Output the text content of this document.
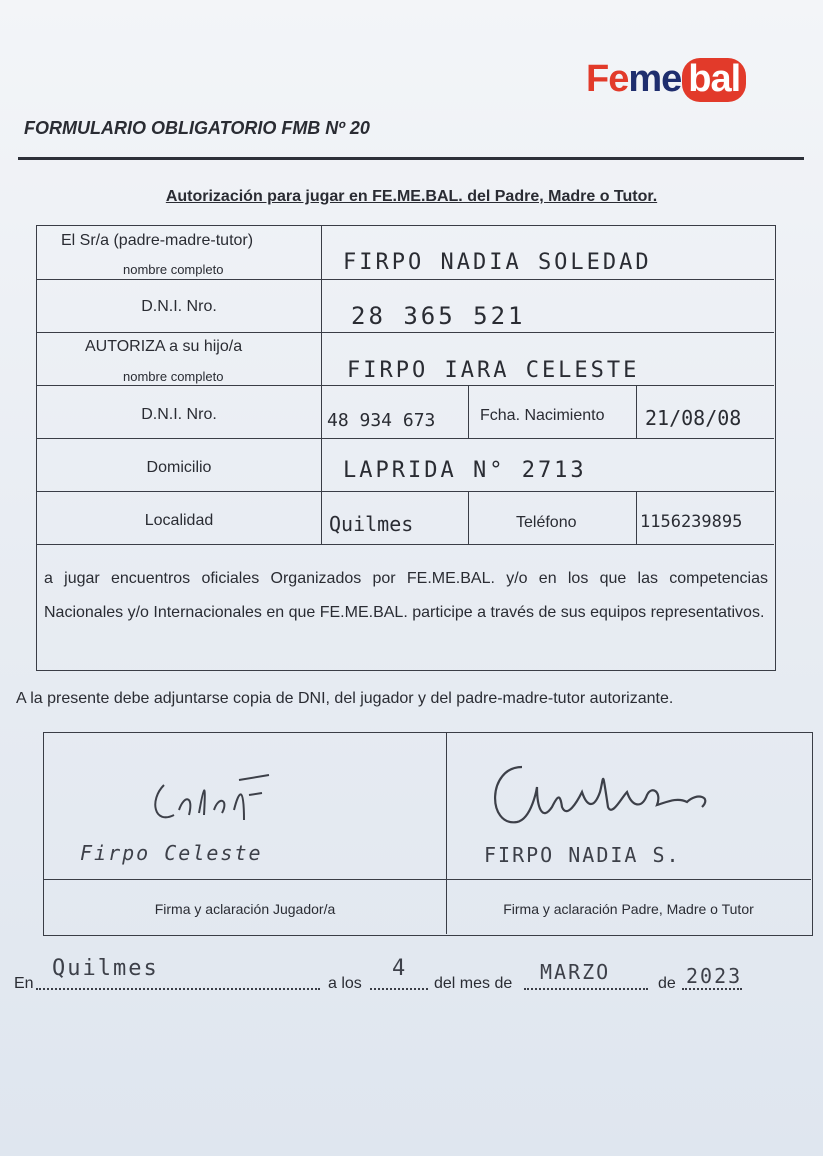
Feme bal
FORMULARIO OBLIGATORIO FMB Nº 20
Autorización para jugar en FE.ME.BAL. del Padre, Madre o Tutor.
El Sr/a (padre-madre-tutor)
nombre completo	FIRPO NADIA SOLEDAD
D.N.I. Nro.	28 365 521
AUTORIZA a su hijo/a
nombre completo	FIRPO IARA CELESTE
D.N.I. Nro.	48 934 673	Fcha. Nacimiento 21/08/08
Domicilio	LAPRIDA N° 2713
Localidad	Quilmes	Teléfono	1156239895
a jugar encuentros oficiales Organizados por FE.ME.BAL. y/o en los que las competencias Nacionales y/o Internacionales en que FE.ME.BAL. participe a través de sus equipos representativos.
A la presente debe adjuntarse copia de DNI, del jugador y del padre-madre-tutor autorizante.
Firpo Celeste
Firma y aclaración Jugador/a
FIRPO NADIA S.
Firma y aclaración Padre, Madre o Tutor
En
Quilmes
a los
4
del mes de MARZO	de 2023
